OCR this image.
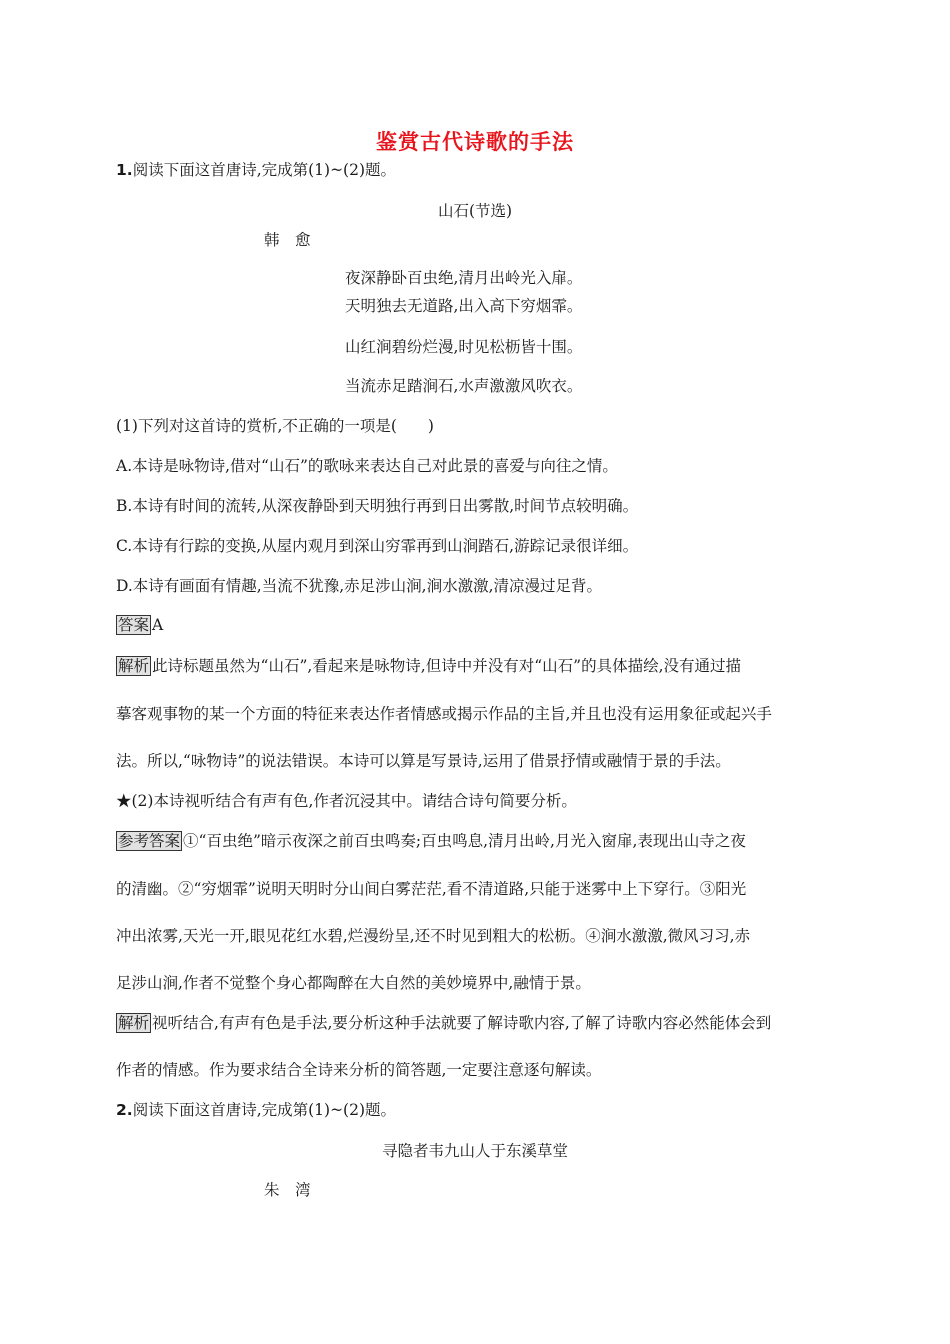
鉴赏古代诗歌的手法
1.阅读下面这首唐诗,完成第(1)~(2)题。
山石(节选)
韩　愈
夜深静卧百虫绝,清月出岭光入扉。
天明独去无道路,出入高下穷烟霏。
山红涧碧纷烂漫,时见松枥皆十围。
当流赤足踏涧石,水声激激风吹衣。
(1)下列对这首诗的赏析,不正确的一项是(　　)
A.本诗是咏物诗,借对“山石”的歌咏来表达自己对此景的喜爱与向往之情。
B.本诗有时间的流转,从深夜静卧到天明独行再到日出雾散,时间节点较明确。
C.本诗有行踪的变换,从屋内观月到深山穷霏再到山涧踏石,游踪记录很详细。
D.本诗有画面有情趣,当流不犹豫,赤足涉山涧,涧水激激,清凉漫过足背。
答案 A
解析 此诗标题虽然为“山石”,看起来是咏物诗,但诗中并没有对“山石”的具体描绘,没有通过描
摹客观事物的某一个方面的特征来表达作者情感或揭示作品的主旨,并且也没有运用象征或起兴手
法。所以,“咏物诗”的说法错误。本诗可以算是写景诗,运用了借景抒情或融情于景的手法。
★(2)本诗视听结合有声有色,作者沉浸其中。请结合诗句简要分析。
参考答案 ①“百虫绝”暗示夜深之前百虫鸣奏;百虫鸣息,清月出岭,月光入窗扉,表现出山寺之夜
的清幽。②“穷烟霏”说明天明时分山间白雾茫茫,看不清道路,只能于迷雾中上下穿行。③阳光
冲出浓雾,天光一开,眼见花红水碧,烂漫纷呈,还不时见到粗大的松枥。④涧水激激,微风习习,赤
足涉山涧,作者不觉整个身心都陶醉在大自然的美妙境界中,融情于景。
解析 视听结合,有声有色是手法,要分析这种手法就要了解诗歌内容,了解了诗歌内容必然能体会到
作者的情感。作为要求结合全诗来分析的简答题,一定要注意逐句解读。
2.阅读下面这首唐诗,完成第(1)~(2)题。
寻隐者韦九山人于东溪草堂
朱　湾
